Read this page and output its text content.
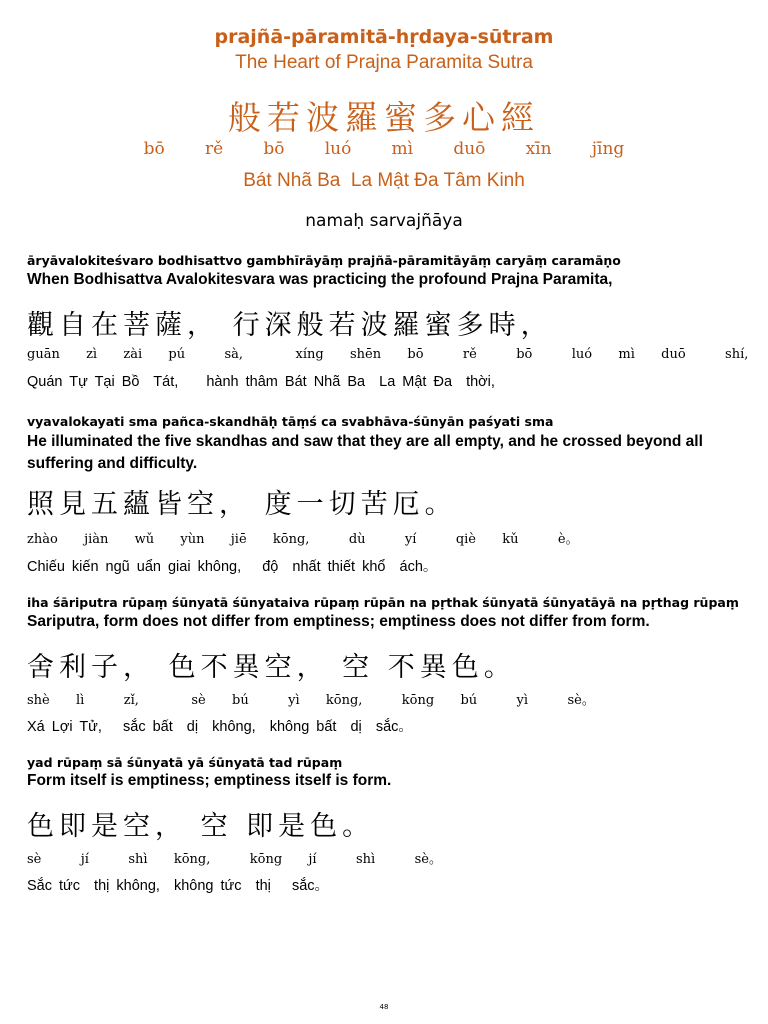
prajñā-pāramitā-hṛdaya-sūtram
The Heart of Prajna Paramita Sutra
般若波羅蜜多心經
bō   rě   bō   luó   mì   duō   xīn   jīng
Bát Nhã Ba  La Mật Đa Tâm Kinh
namaḥ sarvajñāya
āryāvalokiteśvaro bodhisattvo gambhīrāyāṃ prajñā-pāramitāyāṃ caryāṃ caramāṇo
When Bodhisattva Avalokitesvara was practicing the profound Prajna Paramita,
觀自在菩薩， 行深般若波羅蜜多時，
guān  zì  zài  pú   sà,    xíng  shēn  bō   rě   bō   luó  mì  duō   shí,
Quán Tự Tại Bồ  Tát,    hành thâm Bát Nhã Ba  La Mật Đa  thời,
vyavalokayati sma pañca-skandhāḥ tāṃś ca svabhāva-śūnyān paśyati sma
He illuminated the five skandhas and saw that they are all empty, and he crossed beyond all suffering and difficulty.
照見五蘊皆空， 度一切苦厄。
zhào  jiàn  wǔ  yùn  jiē  kōng,   dù   yí   qiè  kǔ   è。
Chiếu kiến ngũ uẩn giai không,   độ  nhất thiết khổ  ách。
iha śāriputra rūpaṃ śūnyatā śūnyataiva rūpaṃ rūpān na pṛthak śūnyatā śūnyatāyā na pṛthag rūpaṃ
Sariputra, form does not differ from emptiness; emptiness does not differ from form.
舍利子， 色不異空， 空 不異色。
shè  lì   zǐ,    sè  bú   yì  kōng,   kōng  bú   yì   sè。
Xá Lợi Tử,   sắc bất  dị  không,  không bất  dị  sắc。
yad rūpaṃ sā śūnyatā yā śūnyatā tad rūpaṃ
Form itself is emptiness; emptiness itself is form.
色即是空， 空 即是色。
sè   jí   shì  kōng,   kōng  jí   shì   sè。
Sắc tức  thị không,  không tức  thị   sắc。
48
